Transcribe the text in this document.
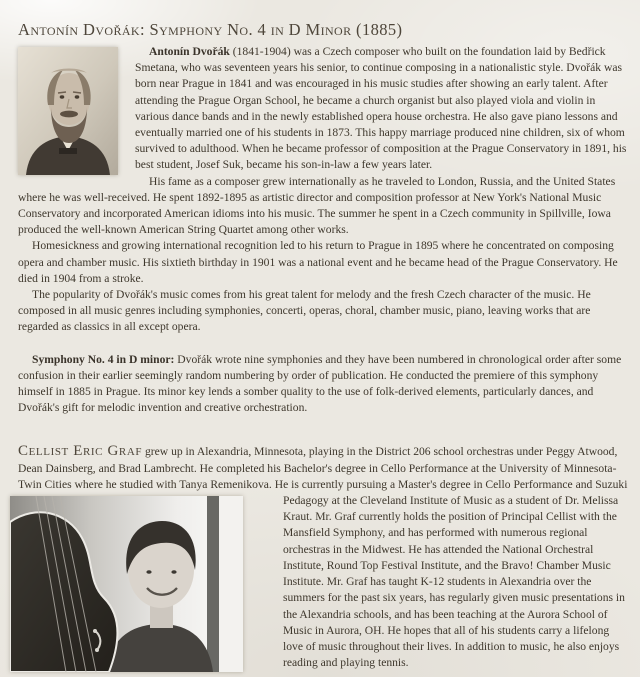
Antonín Dvořák: Symphony No. 4 in D Minor (1885)

Antonín Dvořák (1841-1904) was a Czech composer who built on the foundation laid by Bedřick Smetana, who was seventeen years his senior, to continue composing in a nationalistic style. Dvořák was born near Prague in 1841 and was encouraged in his music studies after showing an early talent. After attending the Prague Organ School, he became a church organist but also played viola and violin in various dance bands and in the newly established opera house orchestra. He also gave piano lessons and eventually married one of his students in 1873. This happy marriage produced nine children, six of whom survived to adulthood. When he became professor of composition at the Prague Conservatory in 1891, his best student, Josef Suk, became his son-in-law a few years later.

His fame as a composer grew internationally as he traveled to London, Russia, and the United States where he was well-received. He spent 1892-1895 as artistic director and composition professor at New York's National Music Conservatory and incorporated American idioms into his music. The summer he spent in a Czech community in Spillville, Iowa produced the well-known American String Quartet among other works.

Homesickness and growing international recognition led to his return to Prague in 1895 where he concentrated on composing opera and chamber music. His sixtieth birthday in 1901 was a national event and he became head of the Prague Conservatory. He died in 1904 from a stroke.

The popularity of Dvořák's music comes from his great talent for melody and the fresh Czech character of the music. He composed in all music genres including symphonies, concerti, operas, choral, chamber music, piano, leaving works that are regarded as classics in all except opera.

Symphony No. 4 in D minor: Dvořák wrote nine symphonies and they have been numbered in chronological order after some confusion in their earlier seemingly random numbering by order of publication. He conducted the premiere of this symphony himself in 1885 in Prague. Its minor key lends a somber quality to the use of folk-derived elements, particularly dances, and Dvořák's gift for melodic invention and creative orchestration.

Cellist Eric Graf grew up in Alexandria, Minnesota, playing in the District 206 school orchestras under Peggy Atwood, Dean Dainsberg, and Brad Lambrecht. He completed his Bachelor's degree in Cello Performance at the University of Minnesota-Twin Cities where he studied with Tanya Remenikova. He is currently pursuing a Master's degree in Cello Performance and Suzuki
Pedagogy at the Cleveland Institute of Music as a student of Dr. Melissa Kraut. Mr. Graf currently holds the position of Principal Cellist with the Mansfield Symphony, and has performed with numerous regional orchestras in the Midwest. He has attended the National Orchestral Institute, Round Top Festival Institute, and the Bravo! Chamber Music Institute. Mr. Graf has taught K-12 students in Alexandria over the summers for the past six years, has regularly given music presentations in the Alexandria schools, and has been teaching at the Aurora School of Music in Aurora, OH. He hopes that all of his students carry a lifelong love of music throughout their lives. In addition to music, he also enjoys reading and playing tennis.
